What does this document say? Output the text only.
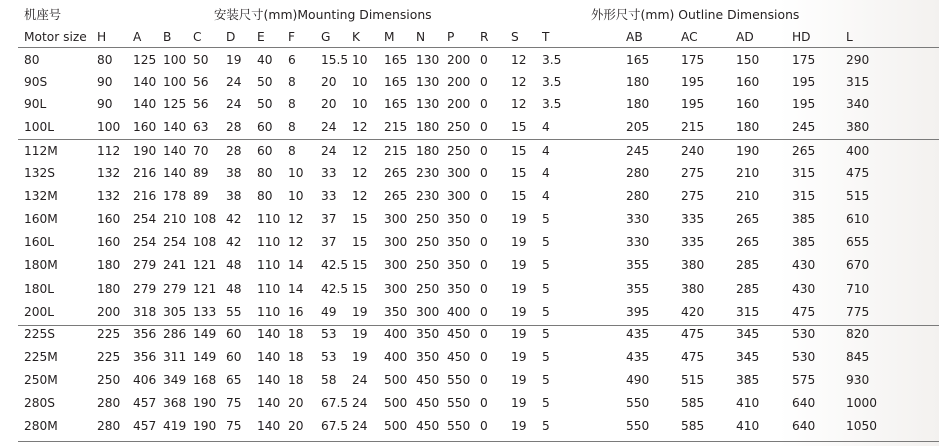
机座号	安装尺寸(mm)Mounting Dimensions	外形尺寸(mm) Outline Dimensions
Motor size H A B C D E F G K M N P R S T	AB	AC	AD	HD	L
80	80 125 100 50 19 40 6 15.5 10 165 130 200 0 12 3.5	165	175	150	175	290
90S	90 140 100 56 24 50 8 20 10 165 130 200 0 12 3.5	180	195	160	195	315
90L	90 140 125 56 24 50 8 20 10 165 130 200 0 12 3.5	180	195	160	195	340
100L	100 160 140 63 28 60 8 24 12 215 180 250 0 15 4	205	215	180	245	380
112M	112 190 140 70 28 60 8 24 12 215 180 250 0 15 4	245	240	190	265	400
132S	132 216 140 89 38 80 10 33 12 265 230 300 0 15 4	280	275	210	315	475
132M	132 216 178 89 38 80 10 33 12 265 230 300 0 15 4	280	275	210	315	515
160M	160 254 210 108 42 110 12 37 15 300 250 350 0 19 5	330	335	265	385	610
160L	160 254 254 108 42 110 12 37 15 300 250 350 0 19 5	330	335	265	385	655
180M	180 279 241 121 48 110 14 42.5 15 300 250 350 0 19 5	355	380	285	430	670
180L	180 279 279 121 48 110 14 42.5 15 300 250 350 0 19 5	355	380	285	430	710
200L	200 318 305 133 55 110 16 49 19 350 300 400 0 19 5	395	420	315	475	775
225S	225 356 286 149 60 140 18 53 19 400 350 450 0 19 5	435	475	345	530	820
225M	225 356 311 149 60 140 18 53 19 400 350 450 0 19 5	435	475	345	530	845
250M	250 406 349 168 65 140 18 58 24 500 450 550 0 19 5	490	515	385	575	930
280S	280 457 368 190 75 140 20 67.5 24 500 450 550 0 19 5	550	585	410	640	1000
280M	280 457 419 190 75 140 20 67.5 24 500 450 550 0 19 5	550	585	410	640	1050
